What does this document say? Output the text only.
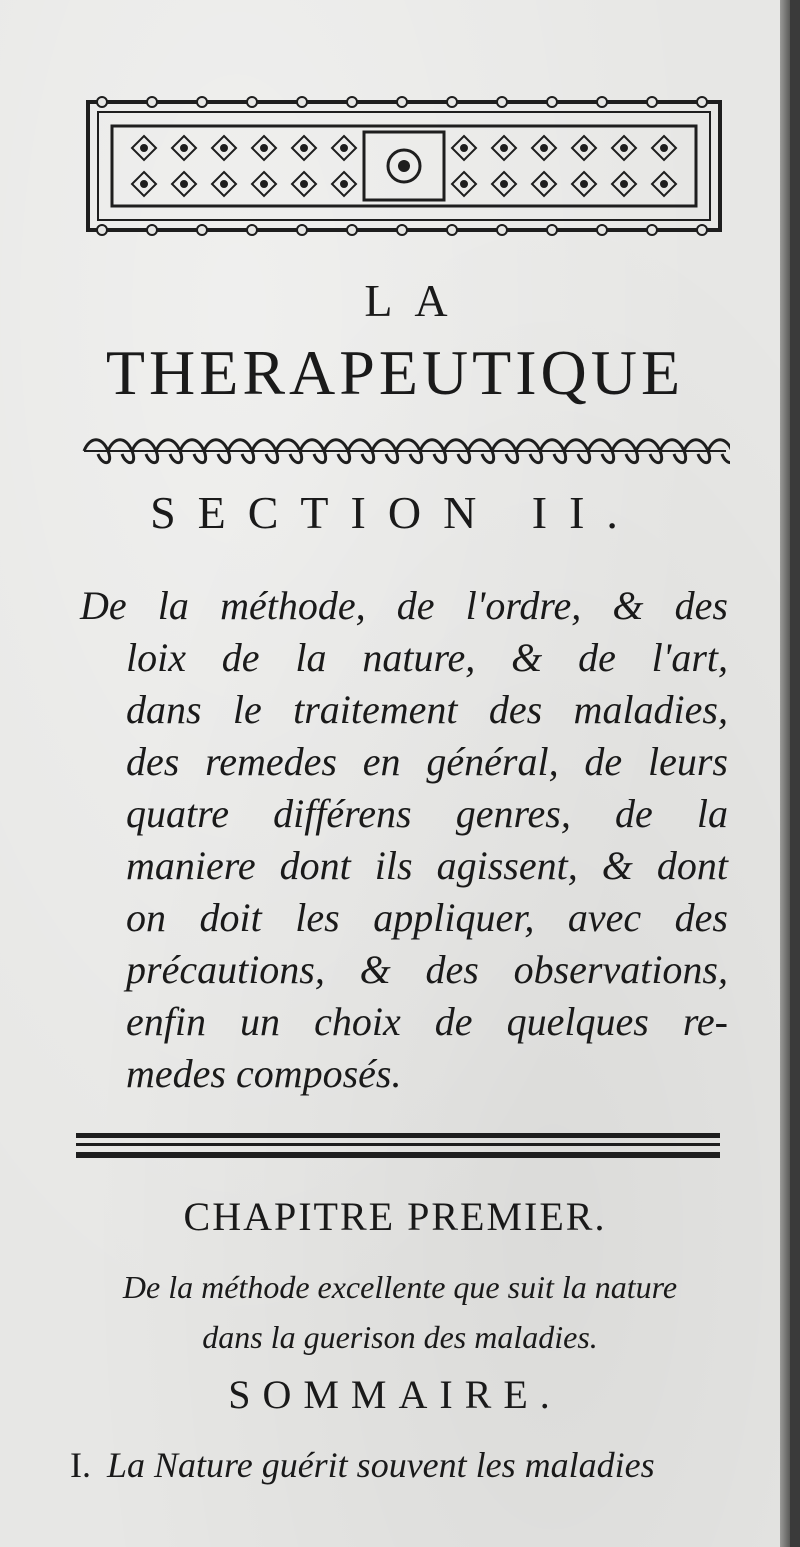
LA
THERAPEUTIQUE
SECTION II.
De la méthode, de l'ordre, & des
loix de la nature, & de l'art,
dans le traitement des maladies,
des remedes en général, de leurs
quatre différens genres, de la
maniere dont ils agissent, & dont
on doit les appliquer, avec des
précautions, & des observations,
enfin un choix de quelques re-
medes composés.
CHAPITRE PREMIER.
De la méthode excellente que suit la nature
dans la guerison des maladies.
SOMMAIRE.
I. La Nature guérit souvent les maladies
